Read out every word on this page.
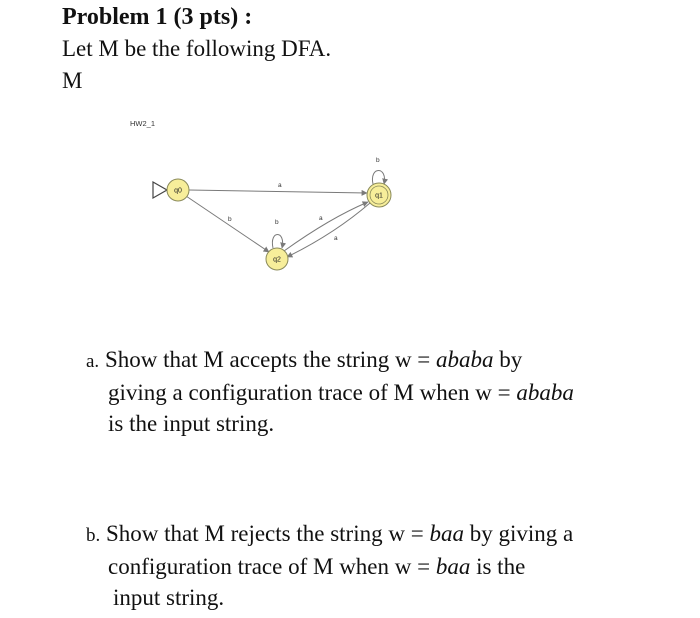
Problem 1 (3 pts) :
Let M be the following DFA.
M
HW2_1
a
b	b
b
a
a
q0
q1
q2
a. Show that M accepts the string w = ababa by
giving a configuration trace of M when w = ababa
is the input string.
b. Show that M rejects the string w = baa by giving a
configuration trace of M when w = baa is the
input string.
